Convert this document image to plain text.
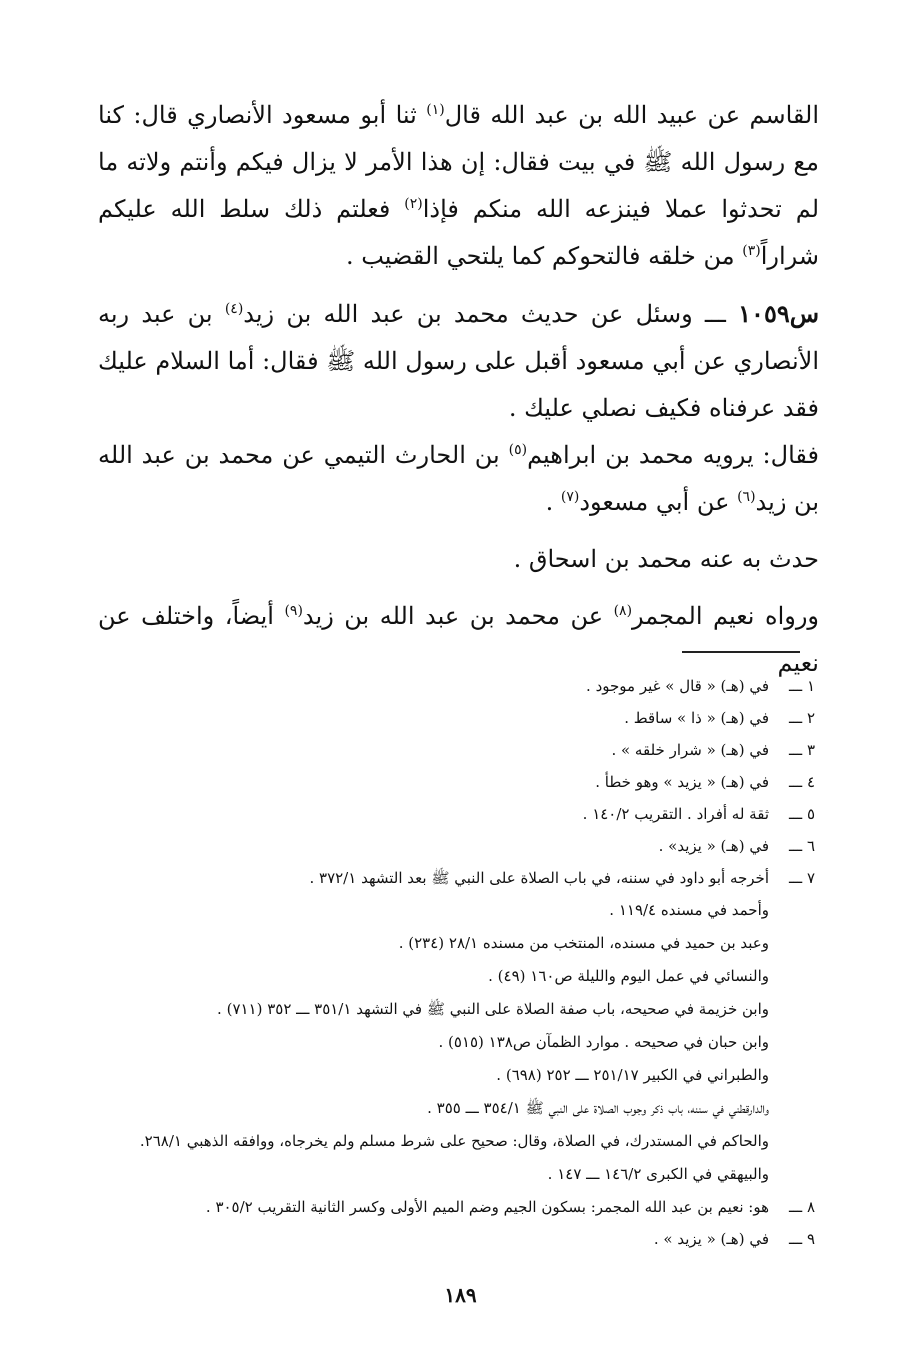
القاسم عن عبيد الله بن عبد الله قال$^{(١)}$ ثنا أبو مسعود الأنصاري قال: كنا مع رسول الله ﷺ في بيت فقال: إن هذا الأمر لا يزال فيكم وأنتم ولاته ما لم تحدثوا عملا فينزعه الله منكم فإذا$^{(٢)}$ فعلتم ذلك سلط الله عليكم شراراً$^{(٣)}$ من خلقه فالتحوكم كما يلتحي القضيب .

س١٠٥٩ ـــ وسئل عن حديث محمد بن عبد الله بن زيد$^{(٤)}$ بن عبد ربه الأنصاري عن أبي مسعود أقبل على رسول الله ﷺ فقال: أما السلام عليك فقد عرفناه فكيف نصلي عليك .

فقال: يرويه محمد بن ابراهيم$^{(٥)}$ بن الحارث التيمي عن محمد بن عبد الله بن زيد$^{(٦)}$ عن أبي مسعود$^{(٧)}$ .

حدث به عنه محمد بن اسحاق .

ورواه نعيم المجمر$^{(٨)}$ عن محمد بن عبد الله بن زيد$^{(٩)}$ أيضاً، واختلف عن نعيم

١ ـــفي (هـ) « قال » غير موجود .

٢ ـــفي (هـ) « ذا » ساقط .

٣ ـــفي (هـ) « شرار خلقه » .

٤ ـــفي (هـ) « يزيد » وهو خطأ .

٥ ـــثقة له أفراد . التقريب ١٤٠/٢ .

٦ ـــفي (هـ) « يزيد» .

٧ ـــأخرجه أبو داود في سننه، في باب الصلاة على النبي ﷺ بعد التشهد ٣٧٢/١ .

وأحمد في مسنده ١١٩/٤ .

وعبد بن حميد في مسنده، المنتخب من مسنده ٢٨/١ (٢٣٤) .

والنسائي في عمل اليوم والليلة ص١٦٠ (٤٩) .

وابن خزيمة في صحيحه، باب صفة الصلاة على النبي ﷺ في التشهد ٣٥١/١ ـــ ٣٥٢ (٧١١) .

وابن حبان في صحيحه . موارد الظمآن ص١٣٨ (٥١٥) .

والطبراني في الكبير ٢٥١/١٧ ـــ ٢٥٢ (٦٩٨) .

والدارقطني في سننه، باب ذكر وجوب الصلاة على النبي ﷺ ٣٥٤/١ ـــ ٣٥٥ .

والحاكم في المستدرك، في الصلاة، وقال: صحيح على شرط مسلم ولم يخرجاه، ووافقه الذهبي ٢٦٨/١.

والبيهقي في الكبرى ١٤٦/٢ ـــ ١٤٧ .

٨ ـــهو: نعيم بن عبد الله المجمر: بسكون الجيم وضم الميم الأولى وكسر الثانية التقريب ٣٠٥/٢ .

٩ ـــفي (هـ) « يزيد » .

١٨٩
